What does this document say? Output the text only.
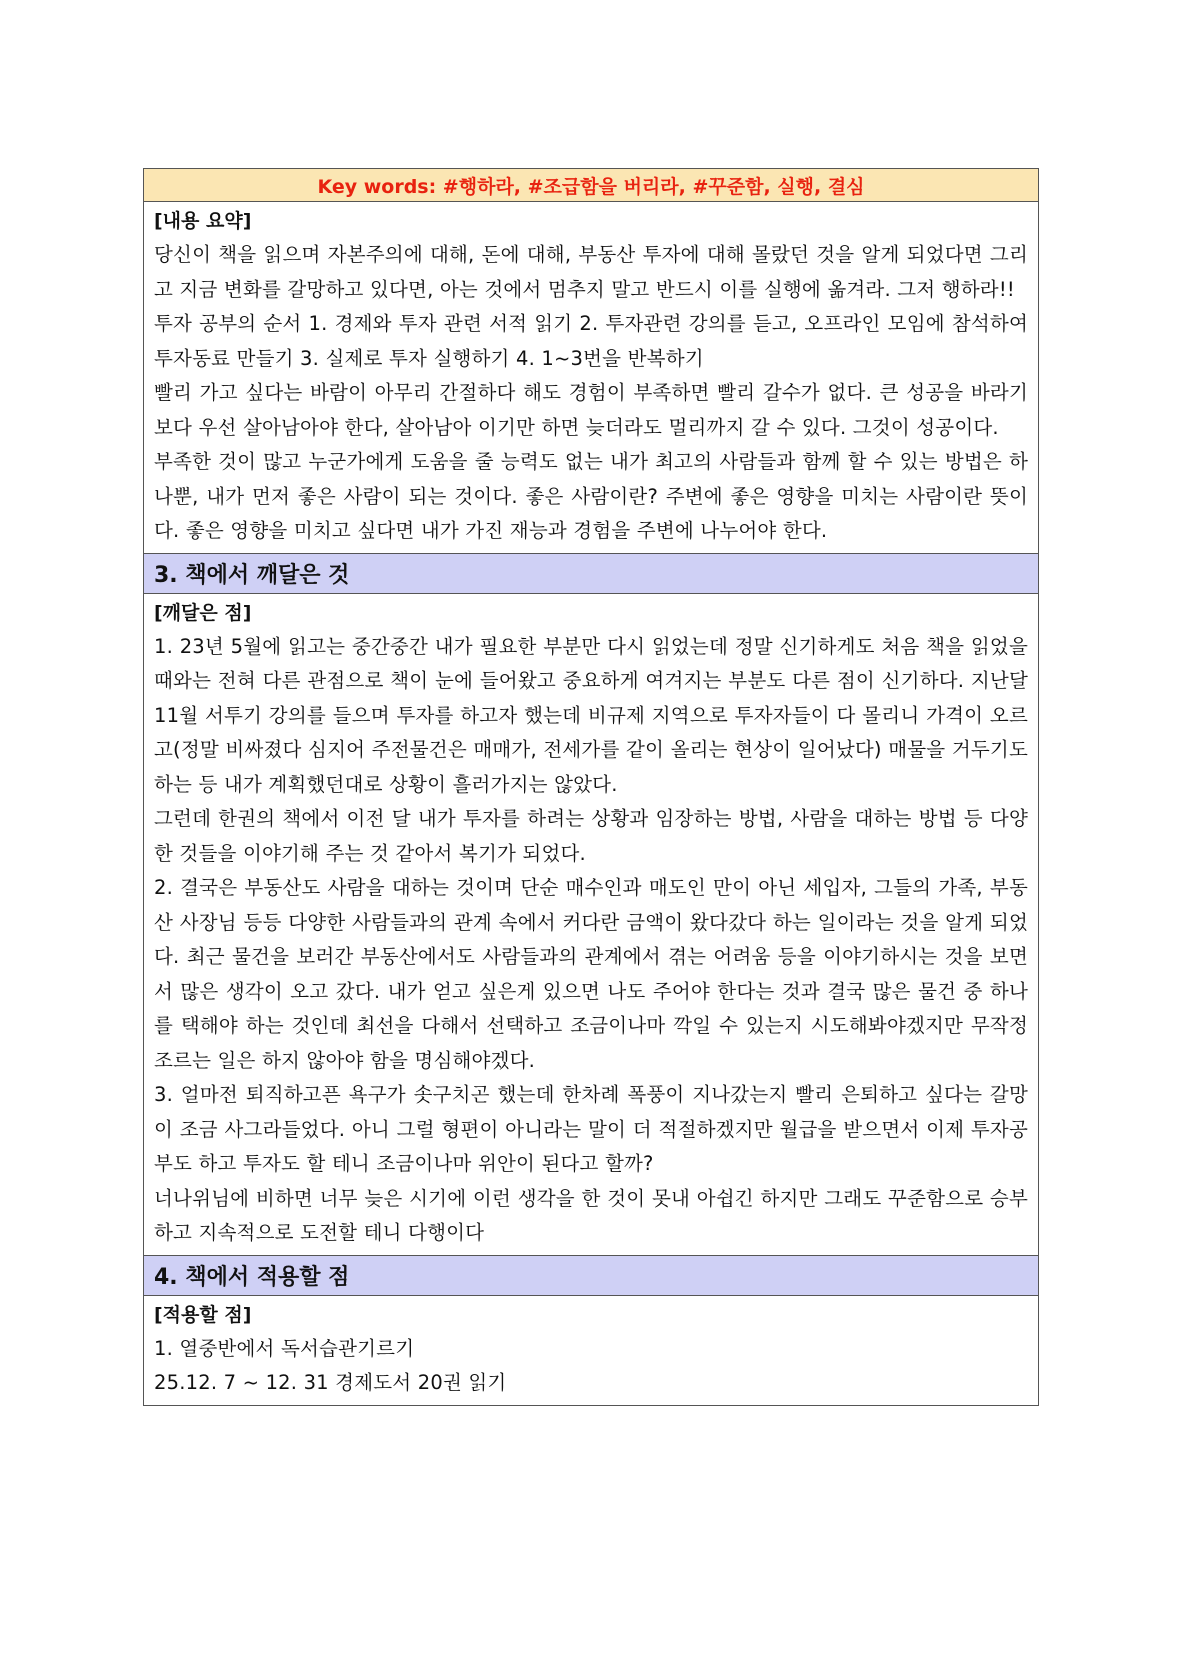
Key words: #행하라, #조급함을 버리라, #꾸준함, 실행, 결심
[내용 요약]
당신이 책을 읽으며 자본주의에 대해, 돈에 대해, 부동산 투자에 대해 몰랐던 것을 알게 되었다면 그리고 지금 변화를 갈망하고 있다면, 아는 것에서 멈추지 말고 반드시 이를 실행에 옮겨라. 그저 행하라!!
투자 공부의 순서 1. 경제와 투자 관련 서적 읽기 2. 투자관련 강의를 듣고, 오프라인 모임에 참석하여 투자동료 만들기 3. 실제로 투자 실행하기 4. 1~3번을 반복하기
빨리 가고 싶다는 바람이 아무리 간절하다 해도 경험이 부족하면 빨리 갈수가 없다. 큰 성공을 바라기보다 우선 살아남아야 한다, 살아남아 이기만 하면 늦더라도 멀리까지 갈 수 있다. 그것이 성공이다.
부족한 것이 많고 누군가에게 도움을 줄 능력도 없는 내가 최고의 사람들과 함께 할 수 있는 방법은 하나뿐, 내가 먼저 좋은 사람이 되는 것이다. 좋은 사람이란? 주변에 좋은 영향을 미치는 사람이란 뜻이다. 좋은 영향을 미치고 싶다면 내가 가진 재능과 경험을 주변에 나누어야 한다.
3. 책에서 깨달은 것
[깨달은 점]
1. 23년 5월에 읽고는 중간중간 내가 필요한 부분만 다시 읽었는데 정말 신기하게도 처음 책을 읽었을 때와는 전혀 다른 관점으로 책이 눈에 들어왔고 중요하게 여겨지는 부분도 다른 점이 신기하다. 지난달 11월 서투기 강의를 들으며 투자를 하고자 했는데 비규제 지역으로 투자자들이 다 몰리니 가격이 오르고(정말 비싸졌다 심지어 주전물건은 매매가, 전세가를 같이 올리는 현상이 일어났다) 매물을 거두기도 하는 등 내가 계획했던대로 상황이 흘러가지는 않았다.
그런데 한권의 책에서 이전 달 내가 투자를 하려는 상황과 임장하는 방법, 사람을 대하는 방법 등 다양한 것들을 이야기해 주는 것 같아서 복기가 되었다.
2. 결국은 부동산도 사람을 대하는 것이며 단순 매수인과 매도인 만이 아닌 세입자, 그들의 가족, 부동산 사장님 등등 다양한 사람들과의 관계 속에서 커다란 금액이 왔다갔다 하는 일이라는 것을 알게 되었다. 최근 물건을 보러간 부동산에서도 사람들과의 관계에서 겪는 어려움 등을 이야기하시는 것을 보면서 많은 생각이 오고 갔다. 내가 얻고 싶은게 있으면 나도 주어야 한다는 것과 결국 많은 물건 중 하나를 택해야 하는 것인데 최선을 다해서 선택하고 조금이나마 깍일 수 있는지 시도해봐야겠지만 무작정 조르는 일은 하지 않아야 함을 명심해야겠다.
3. 얼마전 퇴직하고픈 욕구가 솟구치곤 했는데 한차례 폭풍이 지나갔는지 빨리 은퇴하고 싶다는 갈망이 조금 사그라들었다. 아니 그럴 형편이 아니라는 말이 더 적절하겠지만 월급을 받으면서 이제 투자공부도 하고 투자도 할 테니 조금이나마 위안이 된다고 할까?
너나위님에 비하면 너무 늦은 시기에 이런 생각을 한 것이 못내 아쉽긴 하지만 그래도 꾸준함으로 승부하고 지속적으로 도전할 테니 다행이다
4. 책에서 적용할 점
[적용할 점]
1. 열중반에서 독서습관기르기
25.12. 7 ~ 12. 31 경제도서 20권 읽기
